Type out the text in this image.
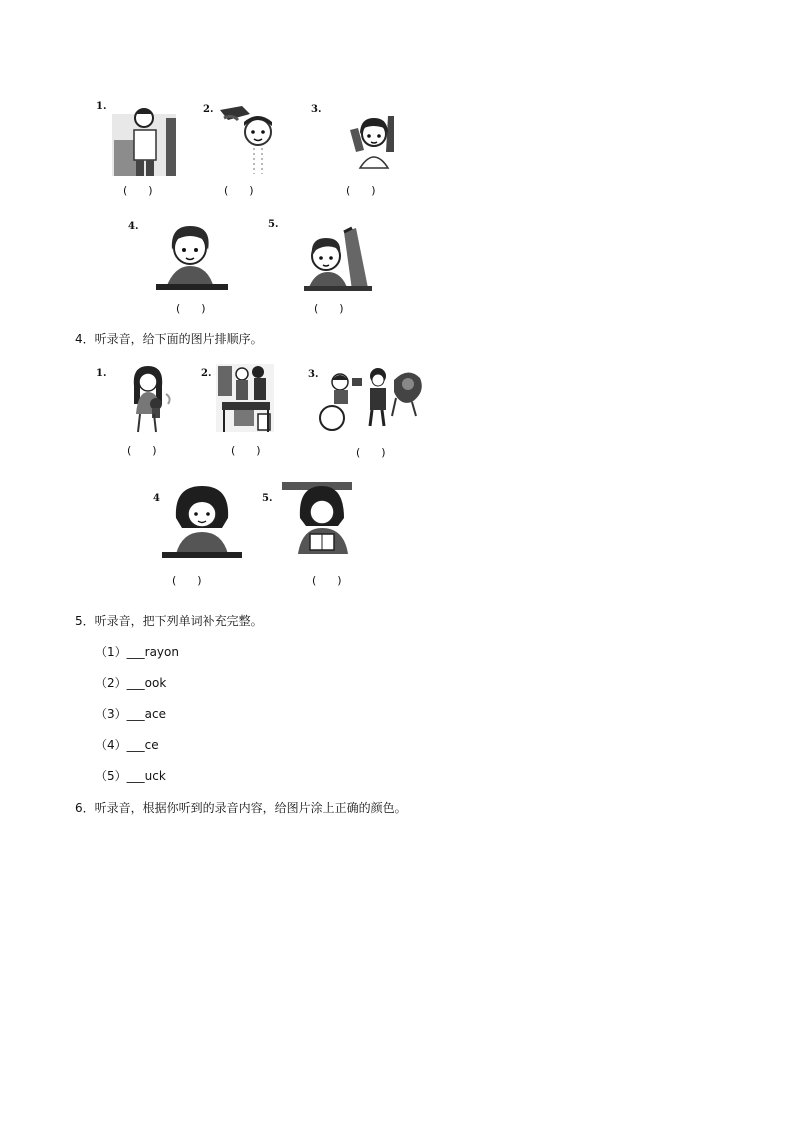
1.
(      )
2.
(      )
3.
(      )
4.
(      )
5.
(      )
4．听录音，给下面的图片排顺序。
1.
(      )
2.
(      )
3.
(      )
4
(      )
5.
(      )
5．听录音，把下列单词补充完整。
（1）___rayon
（2）___ook
（3）___ace
（4）___ce
（5）___uck
6．听录音，根据你听到的录音内容，给图片涂上正确的颜色。
